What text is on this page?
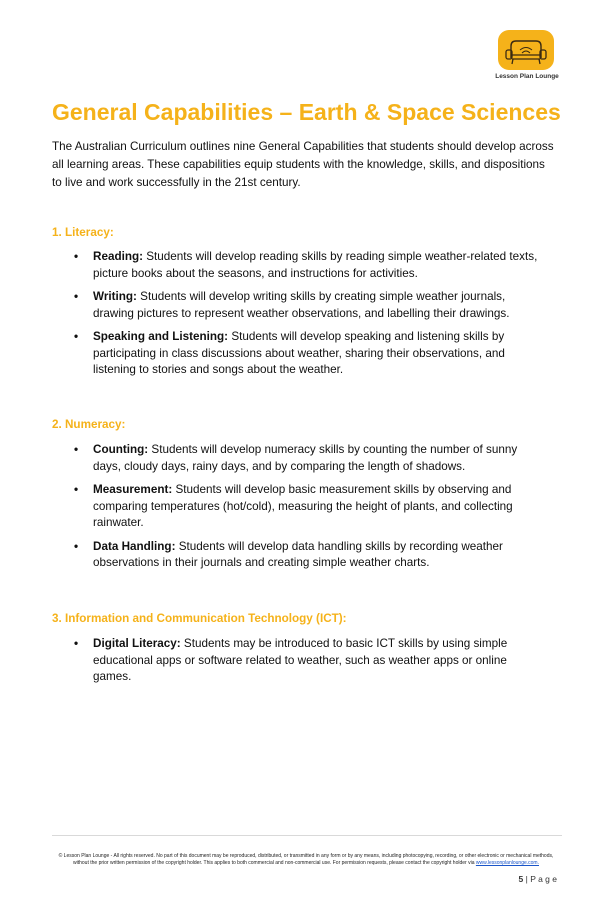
Lesson Plan Lounge
General Capabilities – Earth & Space Sciences

The Australian Curriculum outlines nine General Capabilities that students should develop across all learning areas. These capabilities equip students with the knowledge, skills, and dispositions to live and work successfully in the 21st century.

1. Literacy:
• Reading: Students will develop reading skills by reading simple weather-related texts, picture books about the seasons, and instructions for activities.
• Writing: Students will develop writing skills by creating simple weather journals, drawing pictures to represent weather observations, and labelling their drawings.
• Speaking and Listening: Students will develop speaking and listening skills by participating in class discussions about weather, sharing their observations, and listening to stories and songs about the weather.
2. Numeracy:
• Counting: Students will develop numeracy skills by counting the number of sunny days, cloudy days, rainy days, and by comparing the length of shadows.
• Measurement: Students will develop basic measurement skills by observing and comparing temperatures (hot/cold), measuring the height of plants, and collecting rainwater.
• Data Handling: Students will develop data handling skills by recording weather observations in their journals and creating simple weather charts.
3. Information and Communication Technology (ICT):
• Digital Literacy: Students may be introduced to basic ICT skills by using simple educational apps or software related to weather, such as weather apps or online games.
© Lesson Plan Lounge - All rights reserved. No part of this document may be reproduced, distributed, or transmitted in any form or by any means, including photocopying, recording, or other electronic or mechanical methods, without the prior written permission of the copyright holder. This applies to both commercial and non-commercial use. For permission requests, please contact the copyright holder via www.lessonplanlounge.com.
5 | P a g e
